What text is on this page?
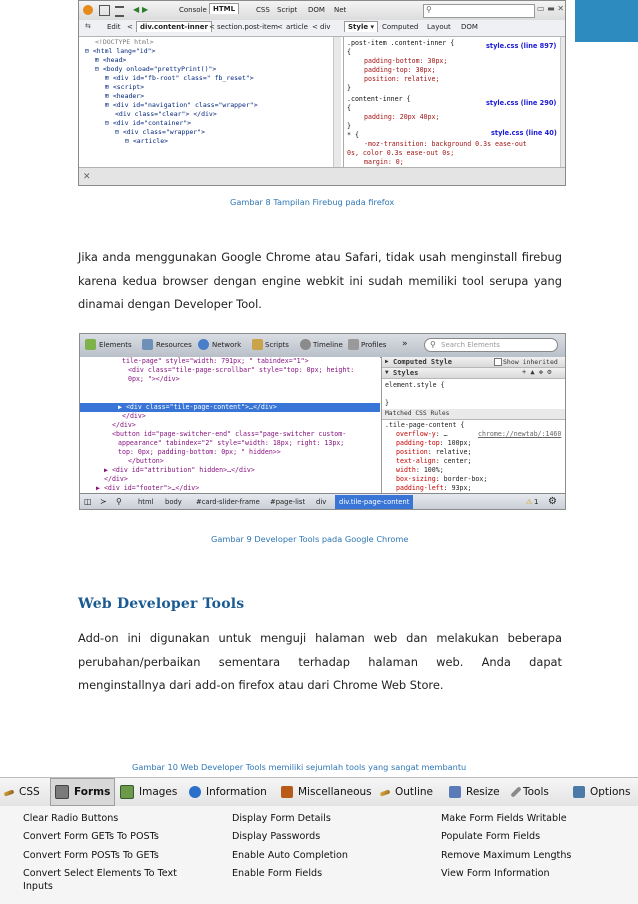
◀ ▶	Console HTML	CSS Script DOM Net	⚲	▭ ▬ ✕
⇆ Edit <	div.content-inner < section.post-item < article < div	Style ▾	Computed Layout DOM
<!DOCTYPE html>
⊟ <html lang="id">
⊞ <head>
⊟ <body onload="prettyPrint()">
⊞ <div id="fb-root" class=" fb_reset">
⊞ <script>
⊞ <header>
⊞ <div id="navigation" class="wrapper">
<div class="clear"> </div>
⊟ <div id="container">
⊟ <div class="wrapper">
⊟ <article>
.post-item .content-inner {
{
padding-bottom: 30px;
padding-top: 30px;
position: relative;
}
.content-inner {
{
padding: 20px 40px;
}
* {
-moz-transition: background 0.3s ease-out
0s, color 0.3s ease-out 0s;
margin: 0;
style.css (line 897)
style.css (line 290)
style.css (line 40)
✕
Gambar 8 Tampilan Firebug pada firefox

Jika anda menggunakan Google Chrome atau Safari, tidak usah menginstall firebug karena kedua browser dengan engine webkit ini sudah memiliki tool serupa yang dinamai dengan Developer Tool.

Elements	Resources	Network	Scripts	Timeline	Profiles »	⚲ Search Elements
tile-page" style="width: 791px; " tabindex="1">
<div class="tile-page-scrollbar" style="top: 0px; height:
0px; "></div>
▶ <div class="tile-page-content">…</div>
</div>
</div>
<button id="page-switcher-end" class="page-switcher custom-
appearance" tabindex="2" style="width: 18px; right: 13px;
top: 0px; padding-bottom: 0px; " hidden>>
</button>
▶ <div id="attribution" hidden>…</div>
</div>
▶ <div id="footer">…</div>
▶ Computed Style	Show inherited
▼ Styles	+ ▲ ✥ ⚙
element.style {
}
Matched CSS Rules
.tile-page-content {
chrome://newtab/:1460
overflow-y: …
padding-top: 100px;
position: relative;
text-align: center;
width: 100%;
box-sizing: border-box;
padding-left: 93px;
◫ ≻ ⚲ html body #card-slider-frame #page-list div	div.tile-page-content	⚠ 1 ⚙
Gambar 9 Developer Tools pada Google Chrome
Web Developer Tools

Add-on ini digunakan untuk menguji halaman web dan melakukan beberapa perubahan/perbaikan sementara terhadap halaman web. Anda dapat menginstallnya dari add-on firefox atau dari Chrome Web Store.

Gambar 10 Web Developer Tools memiliki sejumlah tools yang sangat membantu
CSS	Forms	Images	Information	Miscellaneous Outline	Resize Tools	Options
Clear Radio Buttons
Convert Form GETs To POSTs
Convert Form POSTs To GETs
Convert Select Elements To Text
Inputs
Display Form Details
Display Passwords
Enable Auto Completion
Enable Form Fields
Make Form Fields Writable
Populate Form Fields
Remove Maximum Lengths
View Form Information
